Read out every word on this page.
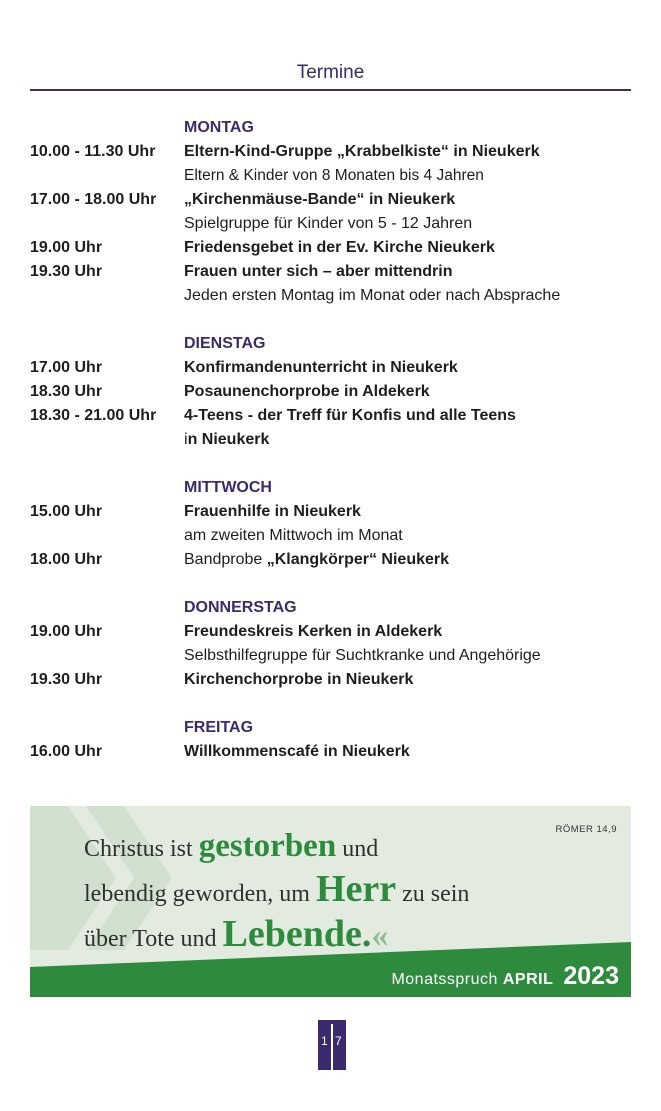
Termine
MONTAG
10.00 - 11.30 Uhr	Eltern-Kind-Gruppe „Krabbelkiste“ in Nieukerk
Eltern & Kinder von 8 Monaten bis 4 Jahren
17.00 - 18.00 Uhr	„Kirchenmäuse-Bande“ in Nieukerk
Spielgruppe für Kinder von 5 - 12 Jahren
19.00 Uhr	Friedensgebet in der Ev. Kirche Nieukerk
19.30 Uhr	Frauen unter sich – aber mittendrin
Jeden ersten Montag im Monat oder nach Absprache
DIENSTAG
17.00 Uhr	Konfirmandenunterricht in Nieukerk
18.30 Uhr	Posaunenchorprobe in Aldekerk
18.30 - 21.00 Uhr	4-Teens - der Treff für Konfis und alle Teens
in Nieukerk
MITTWOCH
15.00 Uhr	Frauenhilfe in Nieukerk
am zweiten Mittwoch im Monat
18.00 Uhr	Bandprobe „Klangkörper“ Nieukerk
DONNERSTAG
19.00 Uhr	Freundeskreis Kerken in Aldekerk
Selbsthilfegruppe für Suchtkranke und Angehörige
19.30 Uhr	Kirchenchorprobe in Nieukerk
FREITAG
16.00 Uhr	Willkommenscafé in Nieukerk
RÖMER 14,9
Christus ist gestorben und
lebendig geworden, um Herr zu sein
über Tote und Lebende.«
Monatsspruch APRIL 2023
1 7
